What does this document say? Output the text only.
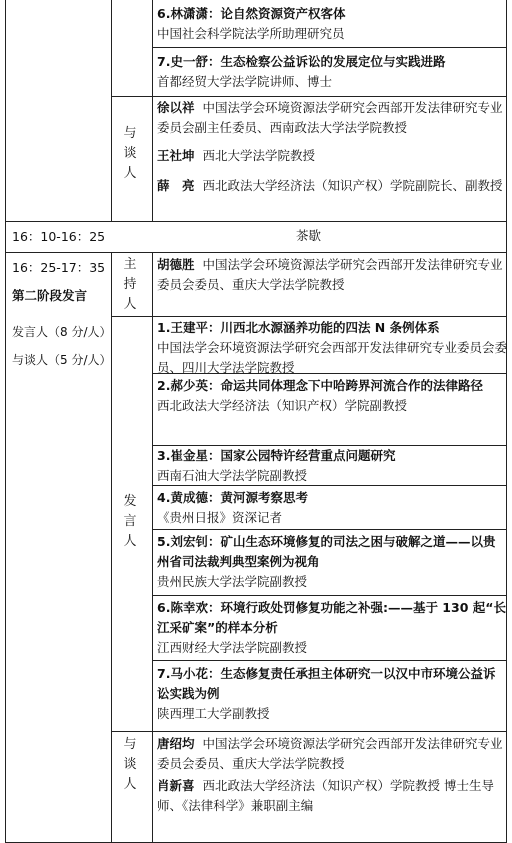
6.林潇潇：论自然资源资产权客体
中国社会科学院法学所助理研究员
7.史一舒：生态检察公益诉讼的发展定位与实践进路
首都经贸大学法学院讲师、博士
与
谈
人
徐以祥 中国法学会环境资源法学研究会西部开发法律研究专业委员会副主任委员、西南政法大学法学院教授
王社坤 西北大学法学院教授
薛　亮 西北政法大学经济法（知识产权）学院副院长、副教授
16：10-16：25	茶歇
16：25-17：35
第二阶段发言
发言人（8 分/人）
与谈人（5 分/人）
主
持
人
胡德胜 中国法学会环境资源法学研究会西部开发法律研究专业委员会委员、重庆大学法学院教授
发
言
人
1.王建平：川西北水源涵养功能的四法 N 条例体系
中国法学会环境资源法学研究会西部开发法律研究专业委员会委员、四川大学法学院教授
2.郝少英：命运共同体理念下中哈跨界河流合作的法律路径
西北政法大学经济法（知识产权）学院副教授
3.崔金星：国家公园特许经营重点问题研究
西南石油大学法学院副教授
4.黄成德：黄河源考察思考
《贵州日报》资深记者
5.刘宏钊：矿山生态环境修复的司法之困与破解之道——以贵州省司法裁判典型案例为视角
贵州民族大学法学院副教授
6.陈幸欢：环境行政处罚修复功能之补强:——基于 130 起“长江采矿案”的样本分析
江西财经大学法学院副教授
7.马小花：生态修复责任承担主体研究一以汉中市环境公益诉讼实践为例
陕西理工大学副教授
与
谈
人
唐绍均 中国法学会环境资源法学研究会西部开发法律研究专业委员会委员、重庆大学法学院教授
肖新喜 西北政法大学经济法（知识产权）学院教授 博士生导师、《法律科学》兼职副主编
